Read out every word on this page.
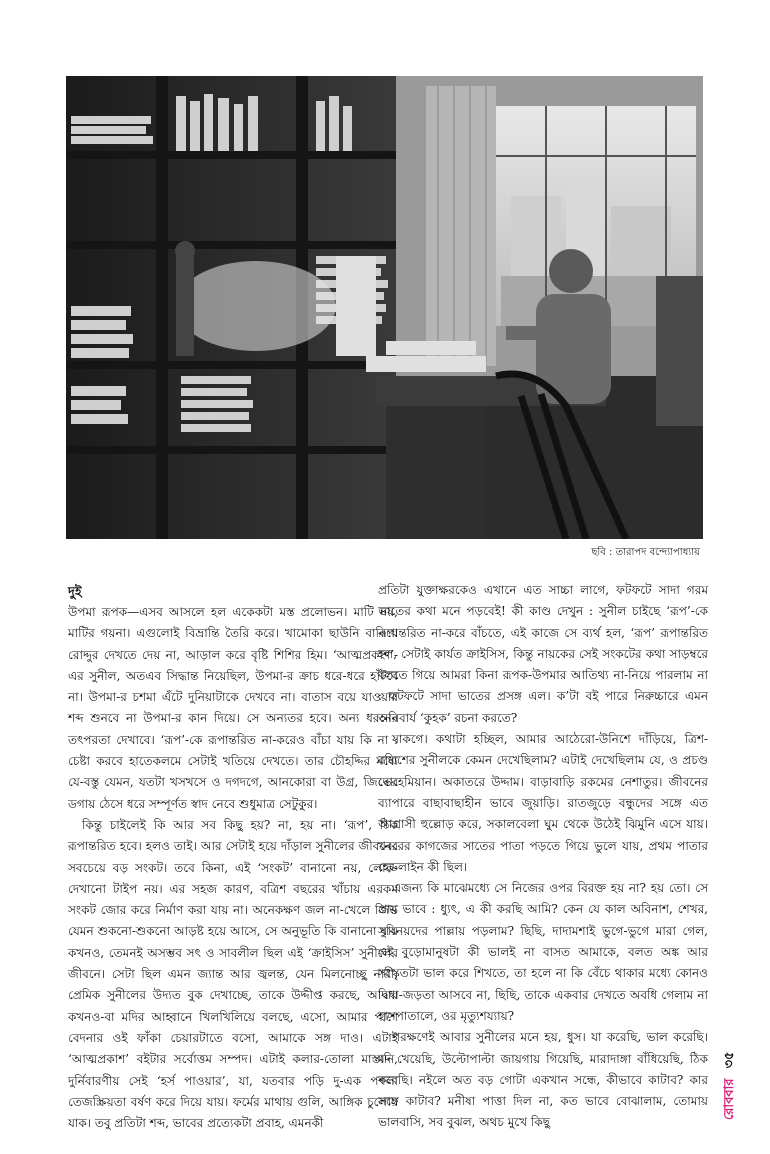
ছবি : তারাপদ বন্দ্যোপাধ্যায়
দুই

উপমা রূপক—এসব আসলে হল একেকটা মস্ত প্রলোভন। মাটি নয়, মাটির গয়না। এগুলোই বিভ্রান্তি তৈরি করে। খামোকা ছাউনি বানিয়ে রোদ্দুর দেখতে দেয় না, আড়াল করে বৃষ্টি শিশির হিম। ‘আত্মপ্রকাশ’-এর সুনীল, অতএব সিদ্ধান্ত নিয়েছিল, উপমা-র ক্রাচ ধরে-ধরে হাঁটবে না। উপমা-র চশমা এঁটে দুনিয়াটাকে দেখবে না। বাতাস বয়ে যাওয়ার শব্দ শুনবে না উপমা-র কান দিয়ে। সে অন্যতর হবে। অন্য ধরনের তৎপরতা দেখাবে। ‘রূপ’-কে রূপান্তরিত না-করেও বাঁচা যায় কি না : চেষ্টা করবে হাতেকলমে সেটাই খতিয়ে দেখতে। তার চৌহদ্দির মধ্যে যে-বস্তু যেমন, যতটা খসখসে ও দগদগে, আনকোরা বা উগ্র, জিভের ডগায় ঠেসে ধরে সম্পূর্ণত স্বাদ নেবে শুধুমাত্র সেটুকুর।

কিন্তু চাইলেই কি আর সব কিছু হয়? না, হয় না। ‘রূপ’, ঠিক রূপান্তরিত হবে। হলও তাই। আর সেটাই হয়ে দাঁড়াল সুনীলের জীবনের সবচেয়ে বড় সংকট। তবে কিনা, এই ‘সংকট’ বানানো নয়, লোক-দেখানো টাইপ নয়। এর সহজ কারণ, বত্রিশ বছরের খাঁচায় এরকম সংকট জোর করে নির্মাণ করা যায় না। অনেকক্ষণ জল না-খেলে জিভ যেমন শুকনো-শুকনো আড়ষ্ট হয়ে আসে, সে অনুভূতি কি বানানো যায় কখনও, তেমনই অসম্ভব সৎ ও সাবলীল ছিল এই ‘ক্রাইসিস’ সুনীলের জীবনে। সেটা ছিল এমন জ্যান্ত আর জ্বলন্ত, যেন মিলনোচ্ছু নারী, প্রেমিক সুনীলের উদ্যত বুক দেখাচ্ছে, তাকে উদ্দীপ্ত করছে, আবার কখনও-বা মদির আহ্বানে খিলখিলিয়ে বলছে, এসো, আমার পাশে বেদনার ওই ফাঁকা চেয়ারটাতে বসো, আমাকে সঙ্গ দাও। এটাই ‘আত্মপ্রকাশ’ বইটার সর্বোত্তম সম্পদ। এটাই কলার-তোলা মাস্তানি, দুর্নিবারণীয় সেই ‘হর্স পাওয়ার’, যা, যতবার পড়ি দু-এক পশলা তেজস্ক্রিয়তা বর্ষণ করে দিয়ে যায়। ফর্মের মাথায় গুলি, আঙ্গিক চুলোয় যাক। তবু প্রতিটা শব্দ, ভাবের প্রত্যেকটা প্রবাহ, এমনকী

প্রতিটা যুক্তাক্ষরকেও এখানে এত সাচ্চা লাগে, ফটফটে সাদা গরম ভাতের কথা মনে পড়বেই! কী কাণ্ড দেখুন : সুনীল চাইছে ‘রূপ’-কে রূপান্তরিত না-করে বাঁচতে, এই কাজে সে ব্যর্থ হল, ‘রূপ’ রূপান্তরিত হল, সেটাই কার্যত ক্রাইসিস, কিন্তু নায়কের সেই সংকটের কথা সাড়ম্বরে বলতে গিয়ে আমরা কিনা রূপক-উপমার আতিথ্য না-নিয়ে পারলাম না : ফটফটে সাদা ভাতের প্রসঙ্গ এল। ক’টা বই পারে নিরুচ্চারে এমন অনিবার্য ‘কুহক’ রচনা করতে?

যাকগে। কথাটা হচ্ছিল, আমার আঠেরো-উনিশে দাঁড়িয়ে, ত্রিশ-বত্রিশের সুনীলকে কেমন দেখেছিলাম? এটাই দেখেছিলাম যে, ও প্রচণ্ড বোহেমিয়ান। অকাতরে উদ্দাম। বাড়াবাড়ি রকমের নেশাতুর। জীবনের ব্যাপারে বাছাবাছাহীন ভাবে জুয়াড়ি। রাতজুড়ে বন্ধুদের সঙ্গে এত আগ্রাসী হুল্লোড় করে, সকালবেলা ঘুম থেকে উঠেই ঝিমুনি এসে যায়। খবরের কাগজের সাতের পাতা পড়তে গিয়ে ভুলে যায়, প্রথম পাতার হেডলাইন কী ছিল।

এজন্য কি মাঝেমধ্যে সে নিজের ওপর বিরক্ত হয় না? হয় তো। সে প্রায় ভাবে : ধ্যুৎ, এ কী করছি আমি? কেন যে কাল অবিনাশ, শেখর, সুবিনয়দের পাল্লায় পড়লাম? ছিছি, দাদামশাই ভুগে-ভুগে মারা গেল, এই বুড়োমানুষটা কী ভালই না বাসত আমাকে, বলত অঙ্ক আর সংস্কৃতটা ভাল করে শিখতে, তা হলে না কি বেঁচে থাকার মধ্যে কোনও দ্বিধা-জড়তা আসবে না, ছিছি, তাকে একবার দেখতে অবধি গেলাম না হাসপাতালে, ওর মৃত্যুশয্যায়?

পরক্ষণেই আবার সুনীলের মনে হয়, ধুস। যা করেছি, ভাল করেছি। মদ খেয়েছি, উল্টোপাল্টা জায়গায় গিয়েছি, মারাদাঙ্গা বাঁধিয়েছি, ঠিক করেছি। নইলে অত বড় গোটা একখান সন্ধে, কীভাবে কাটাব? কার সঙ্গে কাটাব? মনীষা পাত্তা দিল না, কত ভাবে বোঝালাম, তোমায় ভালবাসি, সব বুঝল, অথচ মুখে কিছু

রোববার৩৫
